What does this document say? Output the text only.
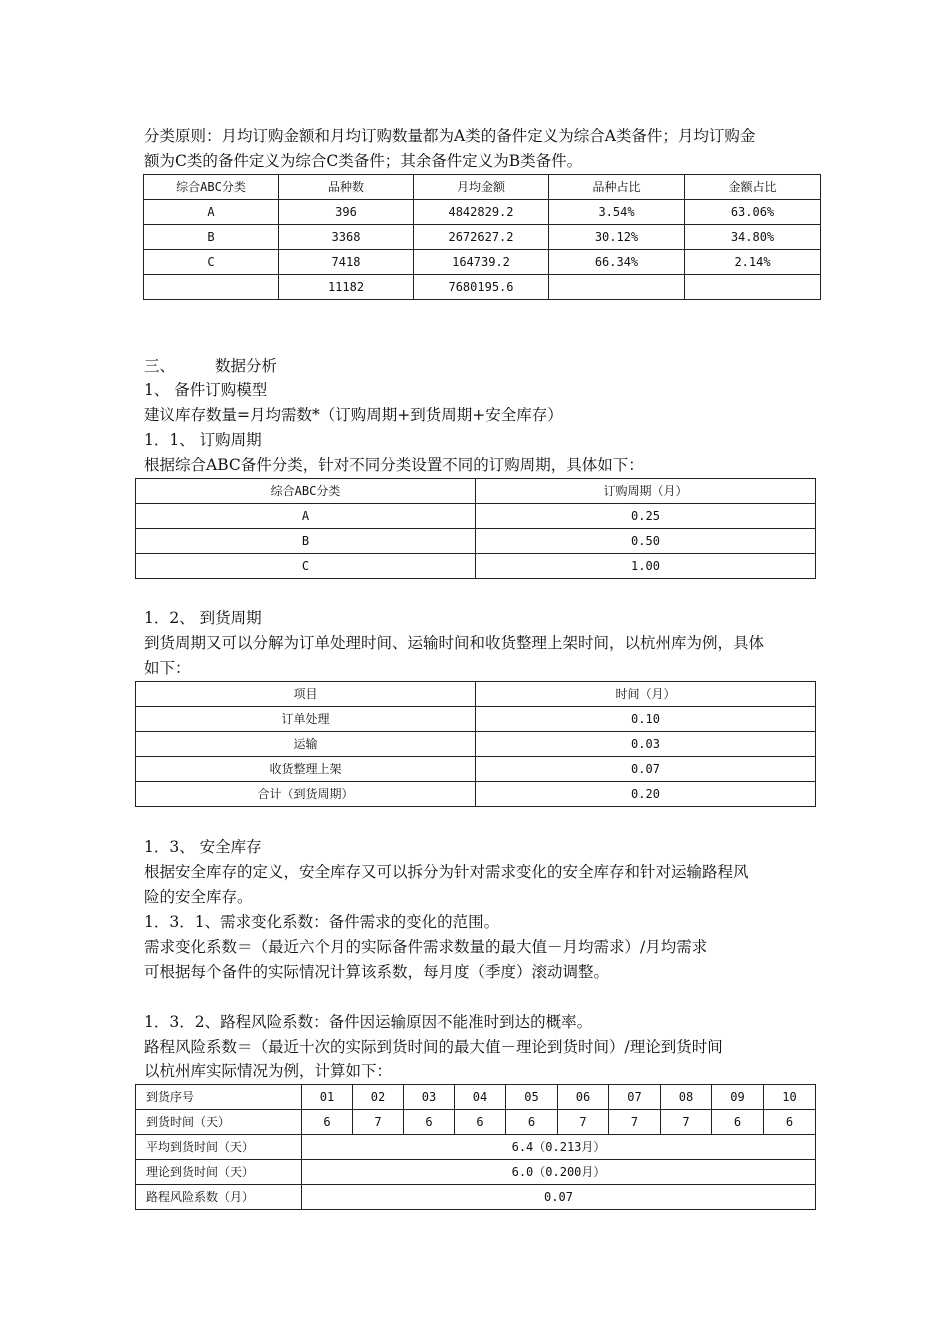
分类原则：月均订购金额和月均订购数量都为A类的备件定义为综合A类备件；月均订购金
额为C类的备件定义为综合C类备件；其余备件定义为B类备件。
综合ABC分类	品种数	月均金额	品种占比	金额占比
A	396	4842829.2	3.54%	63.06%
B	3368	2672627.2	30.12%	34.80%
C	7418	164739.2	66.34%	2.14%
	11182	7680195.6		
三、	数据分析
1、 备件订购模型
建议库存数量=月均需数*（订购周期+到货周期+安全库存）
1．1、 订购周期
根据综合ABC备件分类，针对不同分类设置不同的订购周期，具体如下：
综合ABC分类	订购周期（月）
A	0.25
B	0.50
C	1.00
1．2、 到货周期
到货周期又可以分解为订单处理时间、运输时间和收货整理上架时间，以杭州库为例，具体
如下：
项目	时间（月）
订单处理	0.10
运输	0.03
收货整理上架	0.07
合计（到货周期）	0.20
1．3、 安全库存
根据安全库存的定义，安全库存又可以拆分为针对需求变化的安全库存和针对运输路程风
险的安全库存。
1．3．1、需求变化系数：备件需求的变化的范围。
需求变化系数＝（最近六个月的实际备件需求数量的最大值－月均需求）/月均需求
可根据每个备件的实际情况计算该系数，每月度（季度）滚动调整。
1．3．2、路程风险系数：备件因运输原因不能准时到达的概率。
路程风险系数＝（最近十次的实际到货时间的最大值－理论到货时间）/理论到货时间
以杭州库实际情况为例，计算如下：
到货序号	01	02	03	04	05	06	07	08	09	10
到货时间（天）	6	7	6	6	6	7	7	7	6	6
平均到货时间（天）	6.4（0.213月）									
理论到货时间（天）	6.0（0.200月）									
路程风险系数（月）	0.07									
